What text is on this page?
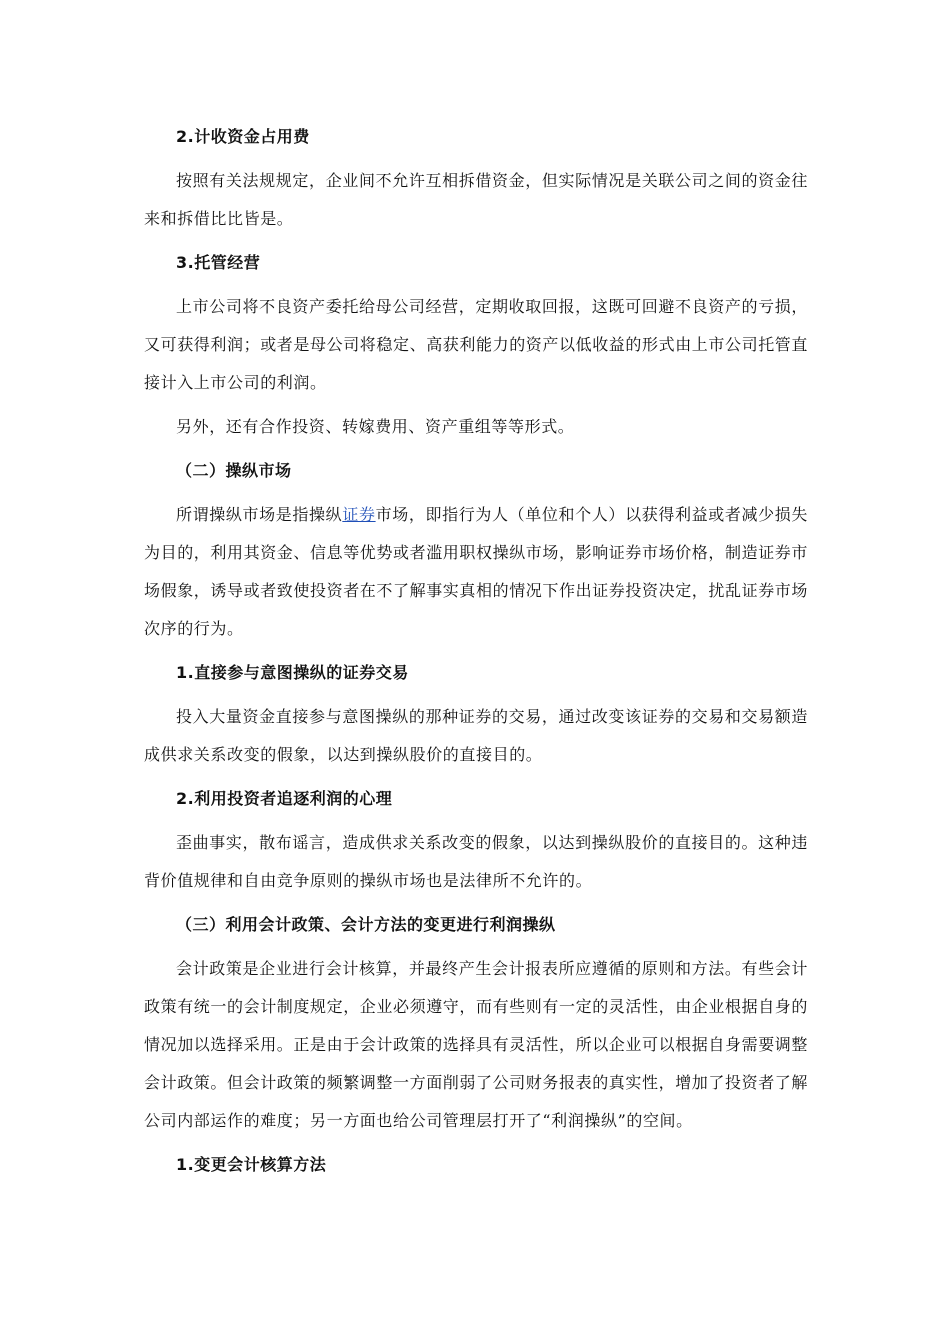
2.计收资金占用费
按照有关法规规定，企业间不允许互相拆借资金，但实际情况是关联公司之间的资金往来和拆借比比皆是。
3.托管经营
上市公司将不良资产委托给母公司经营，定期收取回报，这既可回避不良资产的亏损，又可获得利润；或者是母公司将稳定、高获利能力的资产以低收益的形式由上市公司托管直接计入上市公司的利润。
另外，还有合作投资、转嫁费用、资产重组等等形式。
（二）操纵市场
所谓操纵市场是指操纵证券市场，即指行为人（单位和个人）以获得利益或者减少损失为目的，利用其资金、信息等优势或者滥用职权操纵市场，影响证券市场价格，制造证券市场假象，诱导或者致使投资者在不了解事实真相的情况下作出证券投资决定，扰乱证券市场次序的行为。
1.直接参与意图操纵的证券交易
投入大量资金直接参与意图操纵的那种证券的交易，通过改变该证券的交易和交易额造成供求关系改变的假象，以达到操纵股价的直接目的。
2.利用投资者追逐利润的心理
歪曲事实，散布谣言，造成供求关系改变的假象，以达到操纵股价的直接目的。这种违背价值规律和自由竞争原则的操纵市场也是法律所不允许的。
（三）利用会计政策、会计方法的变更进行利润操纵
会计政策是企业进行会计核算，并最终产生会计报表所应遵循的原则和方法。有些会计政策有统一的会计制度规定，企业必须遵守，而有些则有一定的灵活性，由企业根据自身的情况加以选择采用。正是由于会计政策的选择具有灵活性，所以企业可以根据自身需要调整会计政策。但会计政策的频繁调整一方面削弱了公司财务报表的真实性，增加了投资者了解公司内部运作的难度；另一方面也给公司管理层打开了“利润操纵”的空间。
1.变更会计核算方法
